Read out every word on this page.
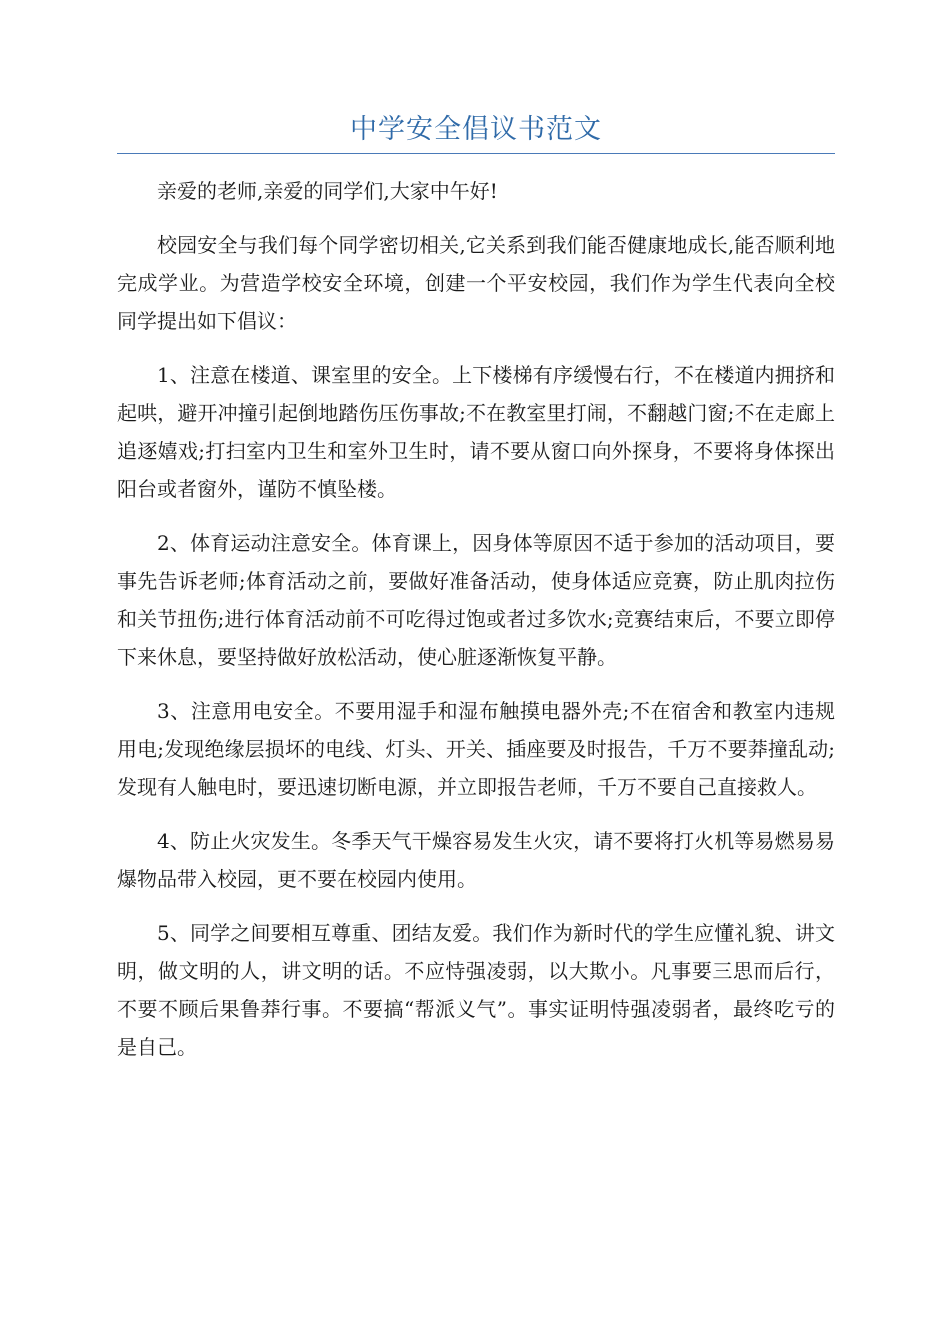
中学安全倡议书范文

亲爱的老师,亲爱的同学们,大家中午好!

校园安全与我们每个同学密切相关,它关系到我们能否健康地成长,能否顺利地完成学业。为营造学校安全环境，创建一个平安校园，我们作为学生代表向全校同学提出如下倡议：

1、注意在楼道、课室里的安全。上下楼梯有序缓慢右行，不在楼道内拥挤和起哄，避开冲撞引起倒地踏伤压伤事故;不在教室里打闹，不翻越门窗;不在走廊上追逐嬉戏;打扫室内卫生和室外卫生时，请不要从窗口向外探身，不要将身体探出阳台或者窗外，谨防不慎坠楼。

2、体育运动注意安全。体育课上，因身体等原因不适于参加的活动项目，要事先告诉老师;体育活动之前，要做好准备活动，使身体适应竞赛，防止肌肉拉伤和关节扭伤;进行体育活动前不可吃得过饱或者过多饮水;竞赛结束后，不要立即停下来休息，要坚持做好放松活动，使心脏逐渐恢复平静。

3、注意用电安全。不要用湿手和湿布触摸电器外壳;不在宿舍和教室内违规用电;发现绝缘层损坏的电线、灯头、开关、插座要及时报告，千万不要莽撞乱动;发现有人触电时，要迅速切断电源，并立即报告老师，千万不要自己直接救人。

4、防止火灾发生。冬季天气干燥容易发生火灾，请不要将打火机等易燃易易爆物品带入校园，更不要在校园内使用。

5、同学之间要相互尊重、团结友爱。我们作为新时代的学生应懂礼貌、讲文明，做文明的人，讲文明的话。不应恃强凌弱，以大欺小。凡事要三思而后行，不要不顾后果鲁莽行事。不要搞“帮派义气”。事实证明恃强凌弱者，最终吃亏的是自己。
